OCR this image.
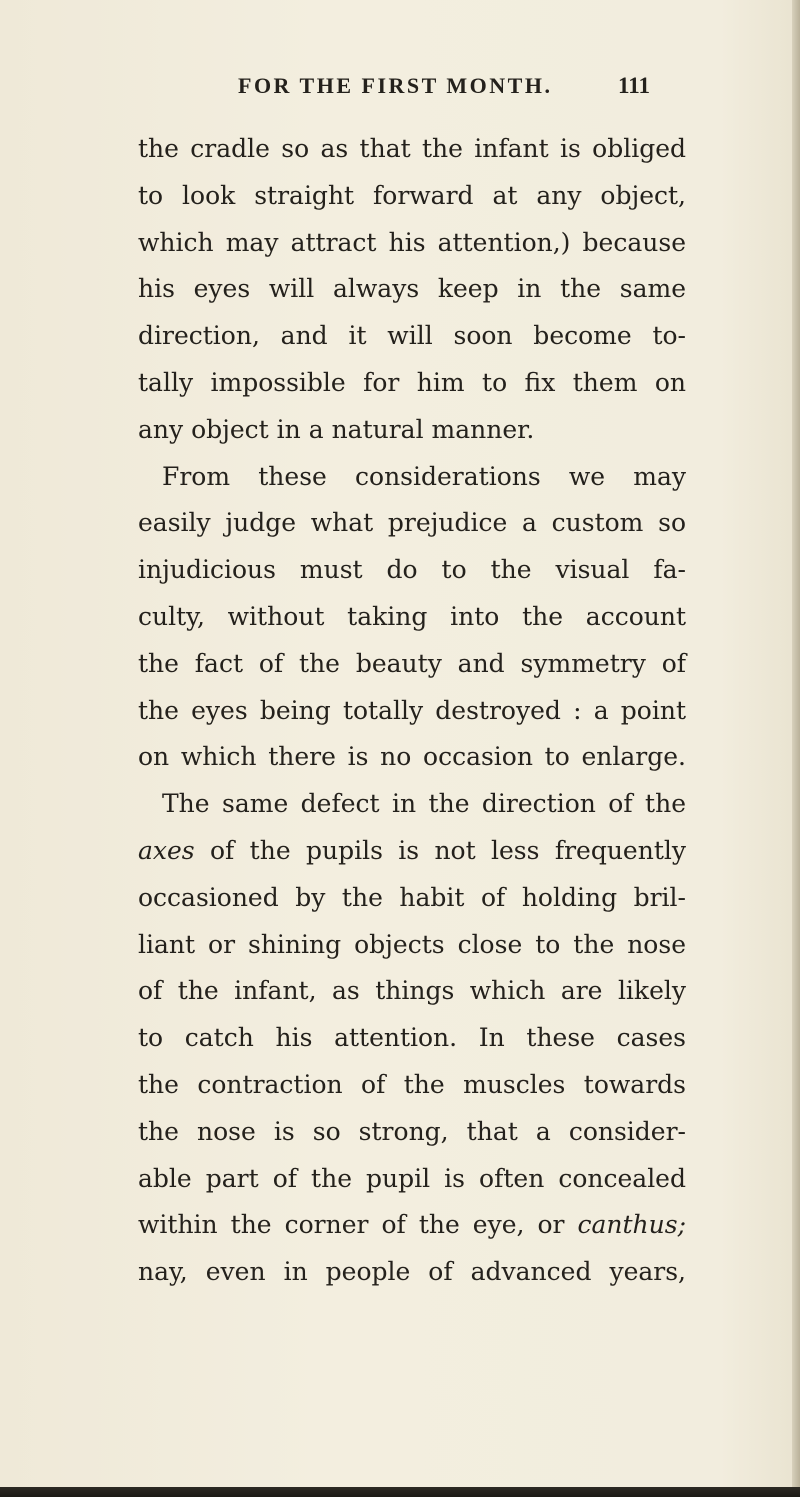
FOR THE FIRST MONTH.	111
the cradle so as that the infant is obliged
to look straight forward at any object,
which may attract his attention,) because
his eyes will always keep in the same
direction, and it will soon become to-
tally impossible for him to fix them on
any object in a natural manner.
From these considerations we may
easily judge what prejudice a custom so
injudicious must do to the visual fa-
culty, without taking into the account
the fact of the beauty and symmetry of
the eyes being totally destroyed : a point
on which there is no occasion to enlarge.
The same defect in the direction of the
axes of the pupils is not less frequently
occasioned by the habit of holding bril-
liant or shining objects close to the nose
of the infant, as things which are likely
to catch his attention. In these cases
the contraction of the muscles towards
the nose is so strong, that a consider-
able part of the pupil is often concealed
within the corner of the eye, or canthus;
nay, even in people of advanced years,
